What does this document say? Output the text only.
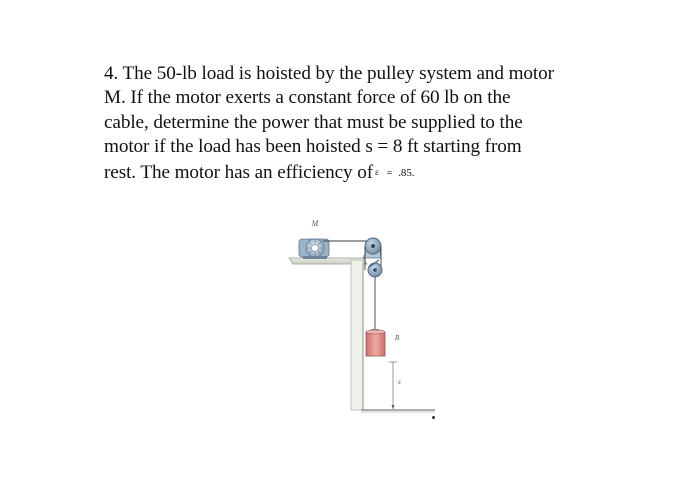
4. The 50-lb load is hoisted by the pulley system and motor
M. If the motor exerts a constant force of 60 lb on the
cable, determine the power that must be supplied to the
motor if the load has been hoisted s = 8 ft starting from
rest. The motor has an efficiency of ε = .85.
M
B
s
